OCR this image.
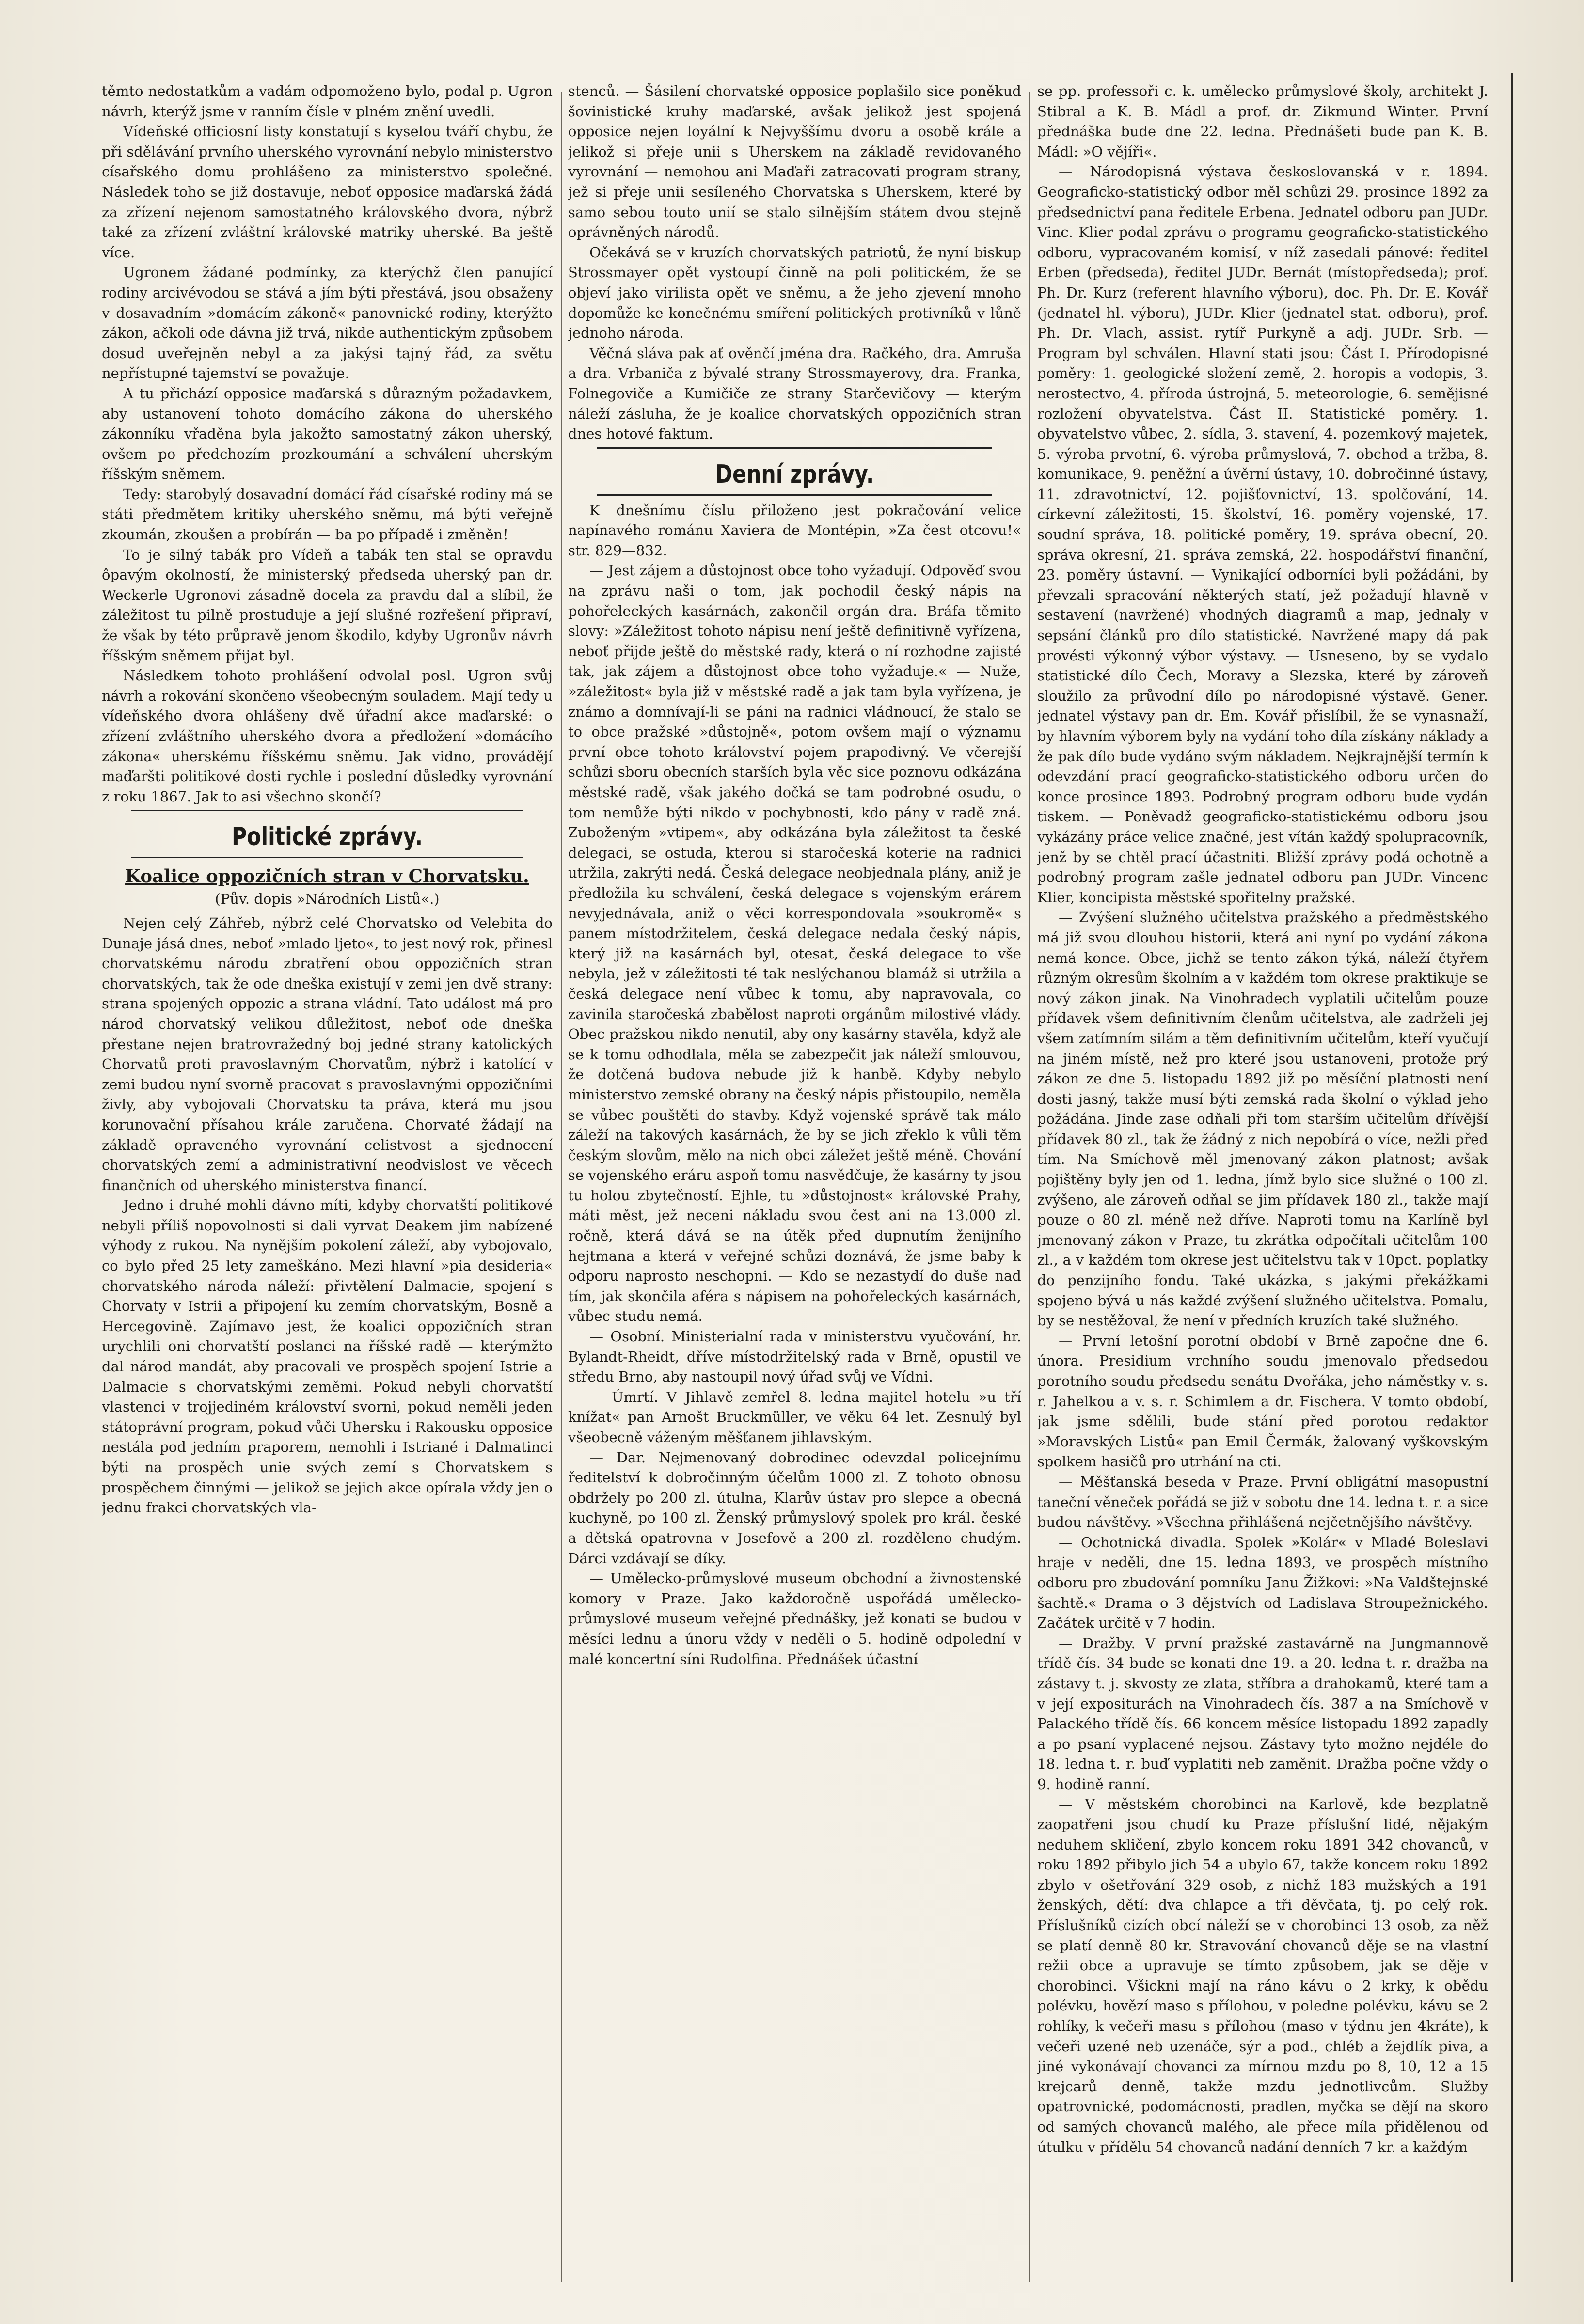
těmto nedostatkům a vadám odpomoženo bylo, podal p. Ugron návrh, kterýž jsme v ranním čísle v plném znění uvedli.

Vídeňské officiosní listy konstatují s kyselou tváří chybu, že při sdělávání prvního uherského vyrovnání nebylo ministerstvo císařského domu prohlášeno za ministerstvo společné. Následek toho se již dostavuje, neboť opposice maďarská žádá za zřízení nejenom samostatného královského dvora, nýbrž také za zřízení zvláštní královské matriky uherské. Ba ještě více.

Ugronem žádané podmínky, za kterýchž člen panující rodiny arcivévodou se stává a jím býti přestává, jsou obsaženy v dosavadním »domácím zákoně« panovnické rodiny, kterýžto zákon, ačkoli ode dávna již trvá, nikde authentickým způsobem dosud uveřejněn nebyl a za jakýsi tajný řád, za světu nepřístupné tajemství se považuje.

A tu přichází opposice maďarská s důrazným požadavkem, aby ustanovení tohoto domácího zákona do uherského zákonníku vřaděna byla jakožto samostatný zákon uherský, ovšem po předchozím prozkoumání a schválení uherským říšským sněmem.

Tedy: starobylý dosavadní domácí řád císařské rodiny má se státi předmětem kritiky uherského sněmu, má býti veřejně zkoumán, zkoušen a probírán — ba po případě i změněn!

To je silný tabák pro Vídeň a tabák ten stal se opravdu ôpavým okolností, že ministerský předseda uherský pan dr. Weckerle Ugronovi zásadně docela za pravdu dal a slíbil, že záležitost tu pilně prostuduje a její slušné rozřešení připraví, že však by této průpravě jenom škodilo, kdyby Ugronův návrh říšským sněmem přijat byl.

Následkem tohoto prohlášení odvolal posl. Ugron svůj návrh a rokování skončeno všeobecným souladem. Mají tedy u vídeňského dvora ohlášeny dvě úřadní akce maďarské: o zřízení zvláštního uherského dvora a předložení »domácího zákona« uherskému říšskému sněmu. Jak vidno, provádějí maďaršti politikové dosti rychle i poslední důsledky vyrovnání z roku 1867. Jak to asi všechno skončí?

Politické zprávy.
Koalice oppozičních stran v Chorvatsku.
(Pův. dopis »Národních Listů«.)

Nejen celý Záhřeb, nýbrž celé Chorvatsko od Velebita do Dunaje jásá dnes, neboť »mlado ljeto«, to jest nový rok, přinesl chorvatskému národu zbratření obou oppozičních stran chorvatských, tak že ode dneška existují v zemi jen dvě strany: strana spojených oppozic a strana vládní. Tato událost má pro národ chorvatský velikou důležitost, neboť ode dneška přestane nejen bratrovražedný boj jedné strany katolických Chorvatů proti pravoslavným Chorvatům, nýbrž i katolící v zemi budou nyní svorně pracovat s pravoslavnými oppozičními živly, aby vybojovali Chorvatsku ta práva, která mu jsou korunovační přísahou krále zaručena. Chorvaté žádají na základě opraveného vyrovnání celistvost a sjednocení chorvatských zemí a administrativní neodvislost ve věcech finančních od uherského ministerstva financí.

Jedno i druhé mohli dávno míti, kdyby chorvatští politikové nebyli příliš nopovolnosti si dali vyrvat Deakem jim nabízené výhody z rukou. Na nynějším pokolení záleží, aby vybojovalo, co bylo před 25 lety zameškáno. Mezi hlavní »pia desideria« chorvatského národa náleží: přivtělení Dalmacie, spojení s Chorvaty v Istrii a připojení ku zemím chorvatským, Bosně a Hercegovině. Zajímavo jest, že koalici oppozičních stran urychlili oni chorvatští poslanci na říšské radě — kterýmžto dal národ mandát, aby pracovali ve prospěch spojení Istrie a Dalmacie s chorvatskými zeměmi. Pokud nebyli chorvatští vlastenci v trojjediném království svorni, pokud neměli jeden státoprávní program, pokud vůči Uhersku i Rakousku opposice nestála pod jedním praporem, nemohli i Istriané i Dalmatinci býti na prospěch unie svých zemí s Chorvatskem s prospěchem činnými — jelikož se jejich akce opírala vždy jen o jednu frakci chorvatských vla-

stenců. — Šásilení chorvatské opposice poplašilo sice poněkud šovinistické kruhy maďarské, avšak jelikož jest spojená opposice nejen loyální k Nejvyššímu dvoru a osobě krále a jelikož si přeje unii s Uherskem na základě revidovaného vyrovnání — nemohou ani Maďaři zatracovati program strany, jež si přeje unii sesíleného Chorvatska s Uherskem, které by samo sebou touto unií se stalo silnějším státem dvou stejně oprávněných národů.

Očekává se v kruzích chorvatských patriotů, že nyní biskup Strossmayer opět vystoupí činně na poli politickém, že se objeví jako virilista opět ve sněmu, a že jeho zjevení mnoho dopomůže ke konečnému smíření politických protivníků v lůně jednoho národa.

Věčná sláva pak ať ověnčí jména dra. Račkého, dra. Amruša a dra. Vrbaniča z bývalé strany Strossmayerovy, dra. Franka, Folnegoviče a Kumičiče ze strany Starčevičovy — kterým náleží zásluha, že je koalice chorvatských oppozičních stran dnes hotové faktum.

Denní zprávy.

K dnešnímu číslu přiloženo jest pokračování velice napínavého románu Xaviera de Montépin, »Za čest otcovu!« str. 829—832.

— Jest zájem a důstojnost obce toho vyžadují. Odpověď svou na zprávu naši o tom, jak pochodil český nápis na pohořeleckých kasárnách, zakončil orgán dra. Bráfa těmito slovy: »Záležitost tohoto nápisu není ještě definitivně vyřízena, neboť přijde ještě do městské rady, která o ní rozhodne zajisté tak, jak zájem a důstojnost obce toho vyžaduje.« — Nuže, »záležitost« byla již v městské radě a jak tam byla vyřízena, je známo a domnívají-li se páni na radnici vládnoucí, že stalo se to obce pražské »důstojně«, potom ovšem mají o významu první obce tohoto království pojem prapodivný. Ve včerejší schůzi sboru obecních starších byla věc sice poznovu odkázána městské radě, však jakého dočká se tam podrobné osudu, o tom nemůže býti nikdo v pochybnosti, kdo pány v radě zná. Zuboženým »vtipem«, aby odkázána byla záležitost ta české delegaci, se ostuda, kterou si staročeská koterie na radnici utržila, zakrýti nedá. Česká delegace neobjednala plány, aniž je předložila ku schválení, česká delegace s vojenským erárem nevyjednávala, aniž o věci korrespondovala »soukromě« s panem místodržitelem, česká delegace nedala český nápis, který již na kasárnách byl, otesat, česká delegace to vše nebyla, jež v záležitosti té tak neslýchanou blamáž si utržila a česká delegace není vůbec k tomu, aby napravovala, co zavinila staročeská zbabělost naproti orgánům milostivé vlády. Obec pražskou nikdo nenutil, aby ony kasárny stavěla, když ale se k tomu odhodlala, měla se zabezpečit jak náleží smlouvou, že dotčená budova nebude již k hanbě. Kdyby nebylo ministerstvo zemské obrany na český nápis přistoupilo, neměla se vůbec pouštěti do stavby. Když vojenské správě tak málo záleží na takových kasárnách, že by se jich zřeklo k vůli těm českým slovům, mělo na nich obci záležet ještě méně. Chování se vojenského eráru aspoň tomu nasvědčuje, že kasárny ty jsou tu holou zbytečností. Ejhle, tu »důstojnost« královské Prahy, máti měst, jež neceni nákladu svou čest ani na 13.000 zl. ročně, která dává se na útěk před dupnutím ženijního hejtmana a která v veřejné schůzi doznává, že jsme baby k odporu naprosto neschopni. — Kdo se nezastydí do duše nad tím, jak skončila aféra s nápisem na pohořeleckých kasárnách, vůbec studu nemá.

— Osobní. Ministerialní rada v ministerstvu vyučování, hr. Bylandt-Rheidt, dříve místodržitelský rada v Brně, opustil ve středu Brno, aby nastoupil nový úřad svůj ve Vídni.

— Úmrtí. V Jihlavě zemřel 8. ledna majitel hotelu »u tří knížat« pan Arnošt Bruckmüller, ve věku 64 let. Zesnulý byl všeobecně váženým měšťanem jihlavským.

— Dar. Nejmenovaný dobrodinec odevzdal policejnímu ředitelství k dobročinným účelům 1000 zl. Z tohoto obnosu obdržely po 200 zl. útulna, Klarův ústav pro slepce a obecná kuchyně, po 100 zl. Ženský průmyslový spolek pro král. české a dětská opatrovna v Josefově a 200 zl. rozděleno chudým. Dárci vzdávají se díky.

— Umělecko-průmyslové museum obchodní a živnostenské komory v Praze. Jako každoročně uspořádá umělecko-průmyslové museum veřejné přednášky, jež konati se budou v měsíci lednu a únoru vždy v neděli o 5. hodině odpolední v malé koncertní síni Rudolfina. Přednášek účastní

se pp. professoři c. k. umělecko průmyslové školy, architekt J. Stibral a K. B. Mádl a prof. dr. Zikmund Winter. První přednáška bude dne 22. ledna. Přednášeti bude pan K. B. Mádl: »O vějíři«.

— Národopisná výstava českoslovanská v r. 1894. Geograficko-statistický odbor měl schůzi 29. prosince 1892 za předsednictví pana ředitele Erbena. Jednatel odboru pan JUDr. Vinc. Klier podal zprávu o programu geograficko-statistického odboru, vypracovaném komisí, v níž zasedali pánové: ředitel Erben (předseda), ředitel JUDr. Bernát (místopředseda); prof. Ph. Dr. Kurz (referent hlavního výboru), doc. Ph. Dr. E. Kovář (jednatel hl. výboru), JUDr. Klier (jednatel stat. odboru), prof. Ph. Dr. Vlach, assist. rytíř Purkyně a adj. JUDr. Srb. — Program byl schválen. Hlavní stati jsou: Část I. Přírodopisné poměry: 1. geologické složení země, 2. horopis a vodopis, 3. nerostectvo, 4. příroda ústrojná, 5. meteorologie, 6. semějisné rozložení obyvatelstva. Část II. Statistické poměry. 1. obyvatelstvo vůbec, 2. sídla, 3. stavení, 4. pozemkový majetek, 5. výroba prvotní, 6. výroba průmyslová, 7. obchod a tržba, 8. komunikace, 9. peněžní a úvěrní ústavy, 10. dobročinné ústavy, 11. zdravotnictví, 12. pojišťovnictví, 13. spolčování, 14. církevní záležitosti, 15. školství, 16. poměry vojenské, 17. soudní správa, 18. politické poměry, 19. správa obecní, 20. správa okresní, 21. správa zemská, 22. hospodářství finanční, 23. poměry ústavní. — Vynikající odborníci byli požádáni, by převzali spracování některých statí, jež požadují hlavně v sestavení (navržené) vhodných diagramů a map, jednaly v sepsání článků pro dílo statistické. Navržené mapy dá pak provésti výkonný výbor výstavy. — Usneseno, by se vydalo statistické dílo Čech, Moravy a Slezska, které by zároveň sloužilo za průvodní dílo po národopisné výstavě. Gener. jednatel výstavy pan dr. Em. Kovář přislíbil, že se vynasnaží, by hlavním výborem byly na vydání toho díla získány náklady a že pak dílo bude vydáno svým nákladem. Nejkrajnější termín k odevzdání prací geograficko-statistického odboru určen do konce prosince 1893. Podrobný program odboru bude vydán tiskem. — Poněvadž geograficko-statistickému odboru jsou vykázány práce velice značné, jest vítán každý spolupracovník, jenž by se chtěl prací účastniti. Bližší zprávy podá ochotně a podrobný program zašle jednatel odboru pan JUDr. Vincenc Klier, koncipista městské spořitelny pražské.

— Zvýšení služného učitelstva pražského a předměstského má již svou dlouhou historii, která ani nyní po vydání zákona nemá konce. Obce, jichž se tento zákon týká, náleží čtyřem různým okresům školním a v každém tom okrese praktikuje se nový zákon jinak. Na Vinohradech vyplatili učitelům pouze přídavek všem definitivním členům učitelstva, ale zadrželi jej všem zatímním silám a těm definitivním učitelům, kteří vyučují na jiném místě, než pro které jsou ustanoveni, protože prý zákon ze dne 5. listopadu 1892 již po měsíční platnosti není dosti jasný, takže musí býti zemská rada školní o výklad jeho požádána. Jinde zase odňali při tom starším učitelům dřívější přídavek 80 zl., tak že žádný z nich nepobírá o více, nežli před tím. Na Smíchově měl jmenovaný zákon platnost; avšak pojištěny byly jen od 1. ledna, jímž bylo sice služné o 100 zl. zvýšeno, ale zároveň odňal se jim přídavek 180 zl., takže mají pouze o 80 zl. méně než dříve. Naproti tomu na Karlíně byl jmenovaný zákon v Praze, tu zkrátka odpočítali učitelům 100 zl., a v každém tom okrese jest učitelstvu tak v 10pct. poplatky do penzijního fondu. Také ukázka, s jakými překážkami spojeno bývá u nás každé zvýšení služného učitelstva. Pomalu, by se nestěžoval, že není v předních kruzích také služného.

— První letošní porotní období v Brně započne dne 6. února. Presidium vrchního soudu jmenovalo předsedou porotního soudu předsedu senátu Dvořáka, jeho náměstky v. s. r. Jahelkou a v. s. r. Schimlem a dr. Fischera. V tomto období, jak jsme sdělili, bude stání před porotou redaktor »Moravských Listů« pan Emil Čermák, žalovaný vyškovským spolkem hasičů pro utrhání na cti.

— Měšťanská beseda v Praze. První obligátní masopustní taneční věneček pořádá se již v sobotu dne 14. ledna t. r. a sice budou návštěvy. »Všechna přihlášená nejčetnějšího návštěvy.

— Ochotnická divadla. Spolek »Kolár« v Mladé Boleslavi hraje v neděli, dne 15. ledna 1893, ve prospěch místního odboru pro zbudování pomníku Janu Žižkovi: »Na Valdštejnské šachtě.« Drama o 3 dějstvích od Ladislava Stroupežnického. Začátek určitě v 7 hodin.

— Dražby. V první pražské zastavárně na Jungmannově třídě čís. 34 bude se konati dne 19. a 20. ledna t. r. dražba na zástavy t. j. skvosty ze zlata, stříbra a drahokamů, které tam a v její expositurách na Vinohradech čís. 387 a na Smíchově v Palackého třídě čís. 66 koncem měsíce listopadu 1892 zapadly a po psaní vyplacené nejsou. Zástavy tyto možno nejdéle do 18. ledna t. r. buď vyplatiti neb zaměnit. Dražba počne vždy o 9. hodině ranní.

— V městském chorobinci na Karlově, kde bezplatně zaopatřeni jsou chudí ku Praze příslušní lidé, nějakým neduhem skličení, zbylo koncem roku 1891 342 chovanců, v roku 1892 přibylo jich 54 a ubylo 67, takže koncem roku 1892 zbylo v ošetřování 329 osob, z nichž 183 mužských a 191 ženských, dětí: dva chlapce a tři děvčata, tj. po celý rok. Příslušníků cizích obcí náleží se v chorobinci 13 osob, za něž se platí denně 80 kr. Stravování chovanců děje se na vlastní režii obce a upravuje se tímto způsobem, jak se děje v chorobinci. Všickni mají na ráno kávu o 2 krky, k obědu polévku, hovězí maso s přílohou, v poledne polévku, kávu se 2 rohlíky, k večeři masu s přílohou (maso v týdnu jen 4kráte), k večeři uzené neb uzenáče, sýr a pod., chléb a žejdlík piva, a jiné vykonávají chovanci za mírnou mzdu po 8, 10, 12 a 15 krejcarů denně, takže mzdu jednotlivcům. Služby opatrovnické, podomácnosti, pradlen, myčka se dějí na skoro od samých chovanců malého, ale přece míla přidělenou od útulku v přídělu 54 chovanců nadání denních 7 kr. a každým
